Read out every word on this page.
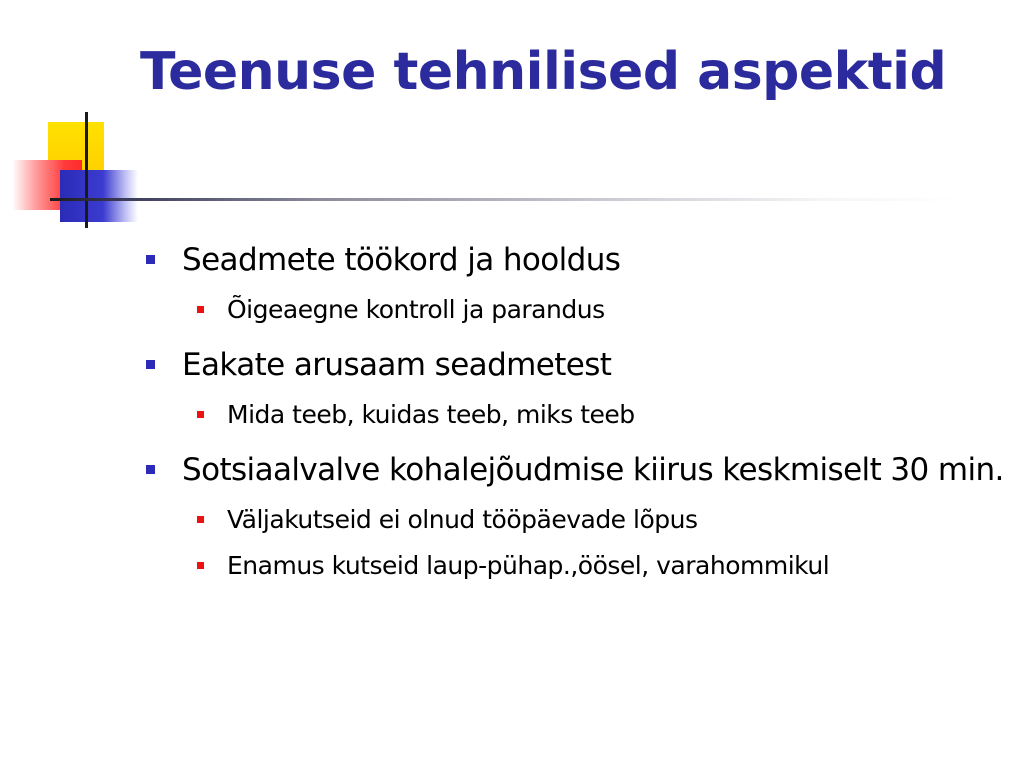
Teenuse tehnilised aspektid
Seadmete töökord ja hooldus
Õigeaegne kontroll ja parandus
Eakate arusaam seadmetest
Mida teeb, kuidas teeb, miks teeb
Sotsiaalvalve kohalejõudmise kiirus keskmiselt 30 min.
Väljakutseid ei olnud tööpäevade lõpus
Enamus kutseid laup-pühap.,öösel, varahommikul
